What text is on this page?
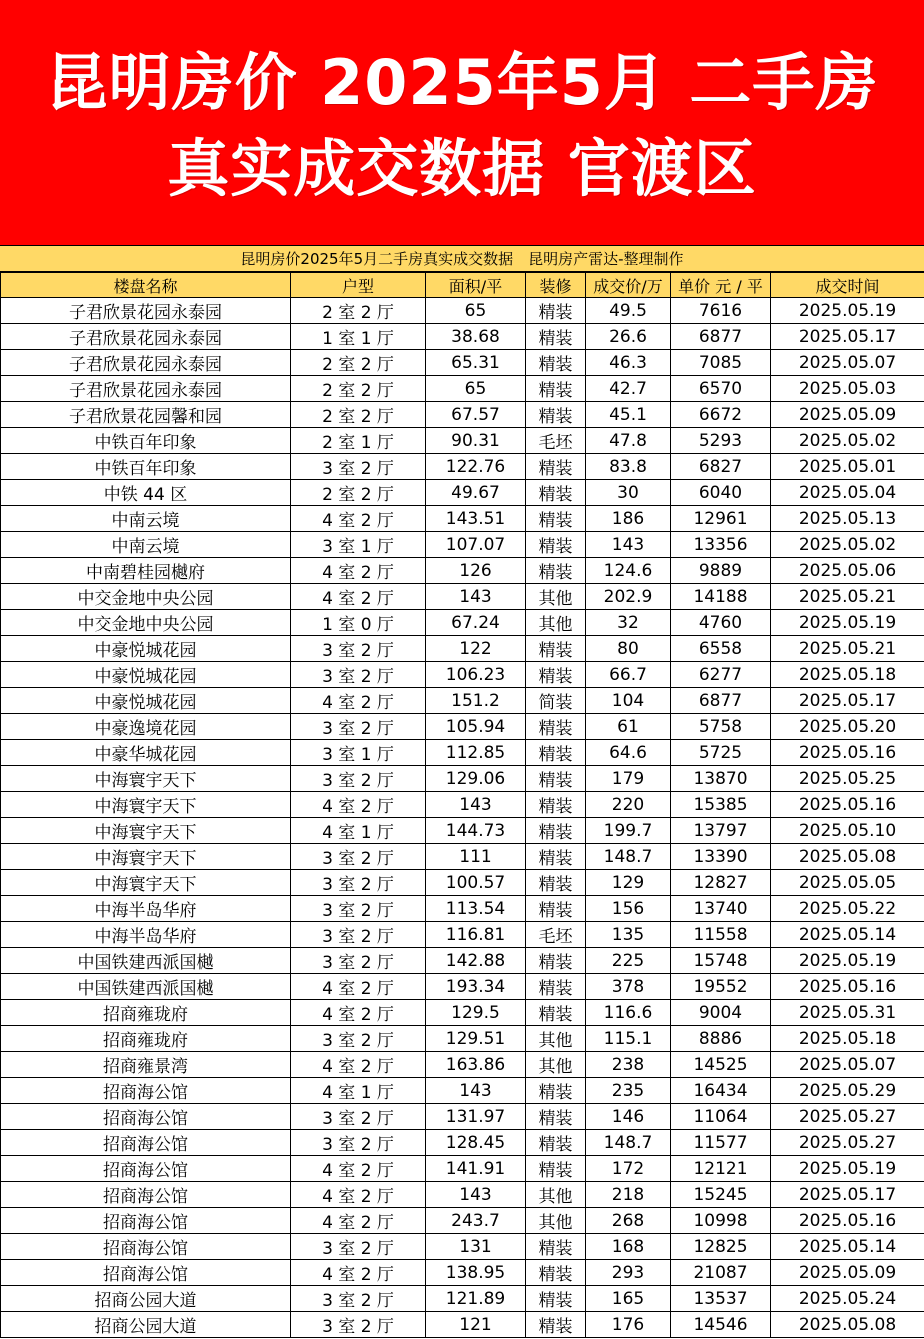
昆明房价 2025年5月 二手房
真实成交数据 官渡区
昆明房价2025年5月二手房真实成交数据　昆明房产雷达-整理制作
楼盘名称	户型	面积/平	装修	成交价/万	单价 元 / 平	成交时间
子君欣景花园永泰园	2 室 2 厅	65	精装	49.5	7616	2025.05.19
子君欣景花园永泰园	1 室 1 厅	38.68	精装	26.6	6877	2025.05.17
子君欣景花园永泰园	2 室 2 厅	65.31	精装	46.3	7085	2025.05.07
子君欣景花园永泰园	2 室 2 厅	65	精装	42.7	6570	2025.05.03
子君欣景花园馨和园	2 室 2 厅	67.57	精装	45.1	6672	2025.05.09
中铁百年印象	2 室 1 厅	90.31	毛坯	47.8	5293	2025.05.02
中铁百年印象	3 室 2 厅	122.76	精装	83.8	6827	2025.05.01
中铁 44 区	2 室 2 厅	49.67	精装	30	6040	2025.05.04
中南云境	4 室 2 厅	143.51	精装	186	12961	2025.05.13
中南云境	3 室 1 厅	107.07	精装	143	13356	2025.05.02
中南碧桂园樾府	4 室 2 厅	126	精装	124.6	9889	2025.05.06
中交金地中央公园	4 室 2 厅	143	其他	202.9	14188	2025.05.21
中交金地中央公园	1 室 0 厅	67.24	其他	32	4760	2025.05.19
中豪悦城花园	3 室 2 厅	122	精装	80	6558	2025.05.21
中豪悦城花园	3 室 2 厅	106.23	精装	66.7	6277	2025.05.18
中豪悦城花园	4 室 2 厅	151.2	简装	104	6877	2025.05.17
中豪逸境花园	3 室 2 厅	105.94	精装	61	5758	2025.05.20
中豪华城花园	3 室 1 厅	112.85	精装	64.6	5725	2025.05.16
中海寰宇天下	3 室 2 厅	129.06	精装	179	13870	2025.05.25
中海寰宇天下	4 室 2 厅	143	精装	220	15385	2025.05.16
中海寰宇天下	4 室 1 厅	144.73	精装	199.7	13797	2025.05.10
中海寰宇天下	3 室 2 厅	111	精装	148.7	13390	2025.05.08
中海寰宇天下	3 室 2 厅	100.57	精装	129	12827	2025.05.05
中海半岛华府	3 室 2 厅	113.54	精装	156	13740	2025.05.22
中海半岛华府	3 室 2 厅	116.81	毛坯	135	11558	2025.05.14
中国铁建西派国樾	3 室 2 厅	142.88	精装	225	15748	2025.05.19
中国铁建西派国樾	4 室 2 厅	193.34	精装	378	19552	2025.05.16
招商雍珑府	4 室 2 厅	129.5	精装	116.6	9004	2025.05.31
招商雍珑府	3 室 2 厅	129.51	其他	115.1	8886	2025.05.18
招商雍景湾	4 室 2 厅	163.86	其他	238	14525	2025.05.07
招商海公馆	4 室 1 厅	143	精装	235	16434	2025.05.29
招商海公馆	3 室 2 厅	131.97	精装	146	11064	2025.05.27
招商海公馆	3 室 2 厅	128.45	精装	148.7	11577	2025.05.27
招商海公馆	4 室 2 厅	141.91	精装	172	12121	2025.05.19
招商海公馆	4 室 2 厅	143	其他	218	15245	2025.05.17
招商海公馆	4 室 2 厅	243.7	其他	268	10998	2025.05.16
招商海公馆	3 室 2 厅	131	精装	168	12825	2025.05.14
招商海公馆	4 室 2 厅	138.95	精装	293	21087	2025.05.09
招商公园大道	3 室 2 厅	121.89	精装	165	13537	2025.05.24
招商公园大道	3 室 2 厅	121	精装	176	14546	2025.05.08
